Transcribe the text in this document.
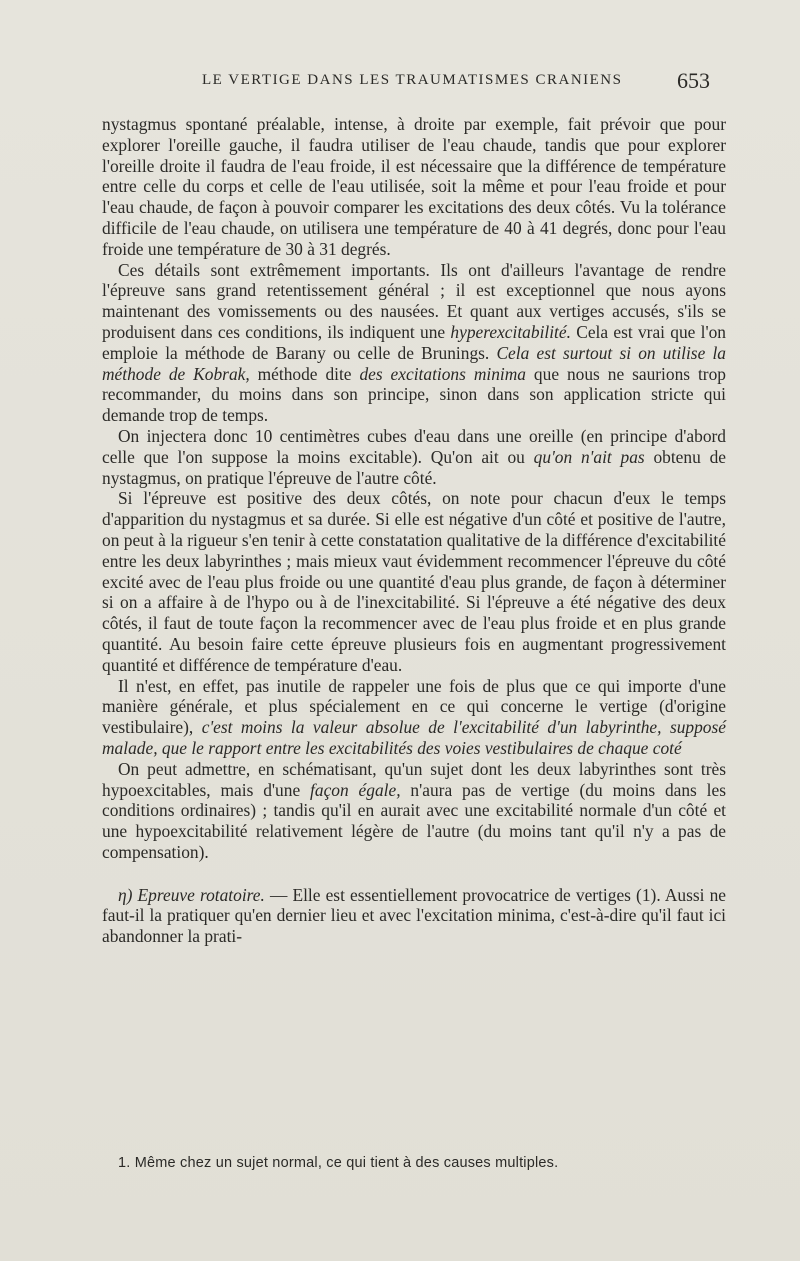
LE VERTIGE DANS LES TRAUMATISMES CRANIENS 653

nystagmus spontané préalable, intense, à droite par exemple, fait prévoir que pour explorer l'oreille gauche, il faudra utiliser de l'eau chaude, tandis que pour explorer l'oreille droite il faudra de l'eau froide, il est nécessaire que la différence de température entre celle du corps et celle de l'eau utilisée, soit la même et pour l'eau froide et pour l'eau chaude, de façon à pouvoir comparer les excitations des deux côtés. Vu la tolérance difficile de l'eau chaude, on utilisera une température de 40 à 41 degrés, donc pour l'eau froide une température de 30 à 31 degrés.

Ces détails sont extrêmement importants. Ils ont d'ailleurs l'avantage de rendre l'épreuve sans grand retentissement général ; il est exceptionnel que nous ayons maintenant des vomissements ou des nausées. Et quant aux vertiges accusés, s'ils se produisent dans ces conditions, ils indiquent une hyperexcitabilité. Cela est vrai que l'on emploie la méthode de Barany ou celle de Brunings. Cela est surtout si on utilise la méthode de Kobrak, méthode dite des excitations minima que nous ne saurions trop recommander, du moins dans son principe, sinon dans son application stricte qui demande trop de temps.

On injectera donc 10 centimètres cubes d'eau dans une oreille (en principe d'abord celle que l'on suppose la moins excitable). Qu'on ait ou qu'on n'ait pas obtenu de nystagmus, on pratique l'épreuve de l'autre côté.

Si l'épreuve est positive des deux côtés, on note pour chacun d'eux le temps d'apparition du nystagmus et sa durée. Si elle est négative d'un côté et positive de l'autre, on peut à la rigueur s'en tenir à cette constatation qualitative de la différence d'excitabilité entre les deux labyrinthes ; mais mieux vaut évidemment recommencer l'épreuve du côté excité avec de l'eau plus froide ou une quantité d'eau plus grande, de façon à déterminer si on a affaire à de l'hypo ou à de l'inexcitabilité. Si l'épreuve a été négative des deux côtés, il faut de toute façon la recommencer avec de l'eau plus froide et en plus grande quantité. Au besoin faire cette épreuve plusieurs fois en augmentant progressivement quantité et différence de température d'eau.

Il n'est, en effet, pas inutile de rappeler une fois de plus que ce qui importe d'une manière générale, et plus spécialement en ce qui concerne le vertige (d'origine vestibulaire), c'est moins la valeur absolue de l'excitabilité d'un labyrinthe, supposé malade, que le rapport entre les excitabilités des voies vestibulaires de chaque coté

On peut admettre, en schématisant, qu'un sujet dont les deux labyrinthes sont très hypoexcitables, mais d'une façon égale, n'aura pas de vertige (du moins dans les conditions ordinaires) ; tandis qu'il en aurait avec une excitabilité normale d'un côté et une hypoexcitabilité relativement légère de l'autre (du moins tant qu'il n'y a pas de compensation).

η) Epreuve rotatoire. — Elle est essentiellement provocatrice de vertiges (1). Aussi ne faut-il la pratiquer qu'en dernier lieu et avec l'excitation minima, c'est-à-dire qu'il faut ici abandonner la prati-

1. Même chez un sujet normal, ce qui tient à des causes multiples.
